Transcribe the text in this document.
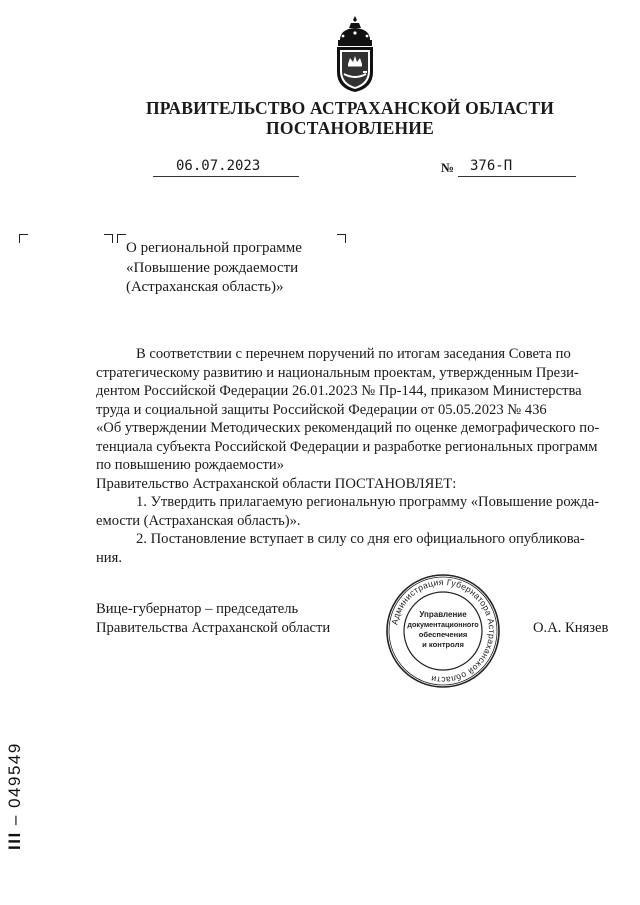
ПРАВИТЕЛЬСТВО АСТРАХАНСКОЙ ОБЛАСТИ
ПОСТАНОВЛЕНИЕ
06.07.2023	№ 376-П
О региональной программе
«Повышение рождаемости
(Астраханская область)»
В соответствии с перечнем поручений по итогам заседания Совета по
стратегическому развитию и национальным проектам, утвержденным Прези-
дентом Российской Федерации 26.01.2023 № Пр-144, приказом Министерства
труда и социальной защиты Российской Федерации от 05.05.2023 № 436
«Об утверждении Методических рекомендаций по оценке демографического по-
тенциала субъекта Российской Федерации и разработке региональных программ
по повышению рождаемости»
Правительство Астраханской области ПОСТАНОВЛЯЕТ:
1. Утвердить прилагаемую региональную программу «Повышение рожда-
емости (Астраханская область)».
2. Постановление вступает в силу со дня его официального опубликова-
ния.
Вице-губернатор – председатель
Правительства Астраханской области	О.А. Князев
Администрация Губернатора Астраханской области
Управление
документационного
обеспечения
и контроля
ІІІ – 049549
